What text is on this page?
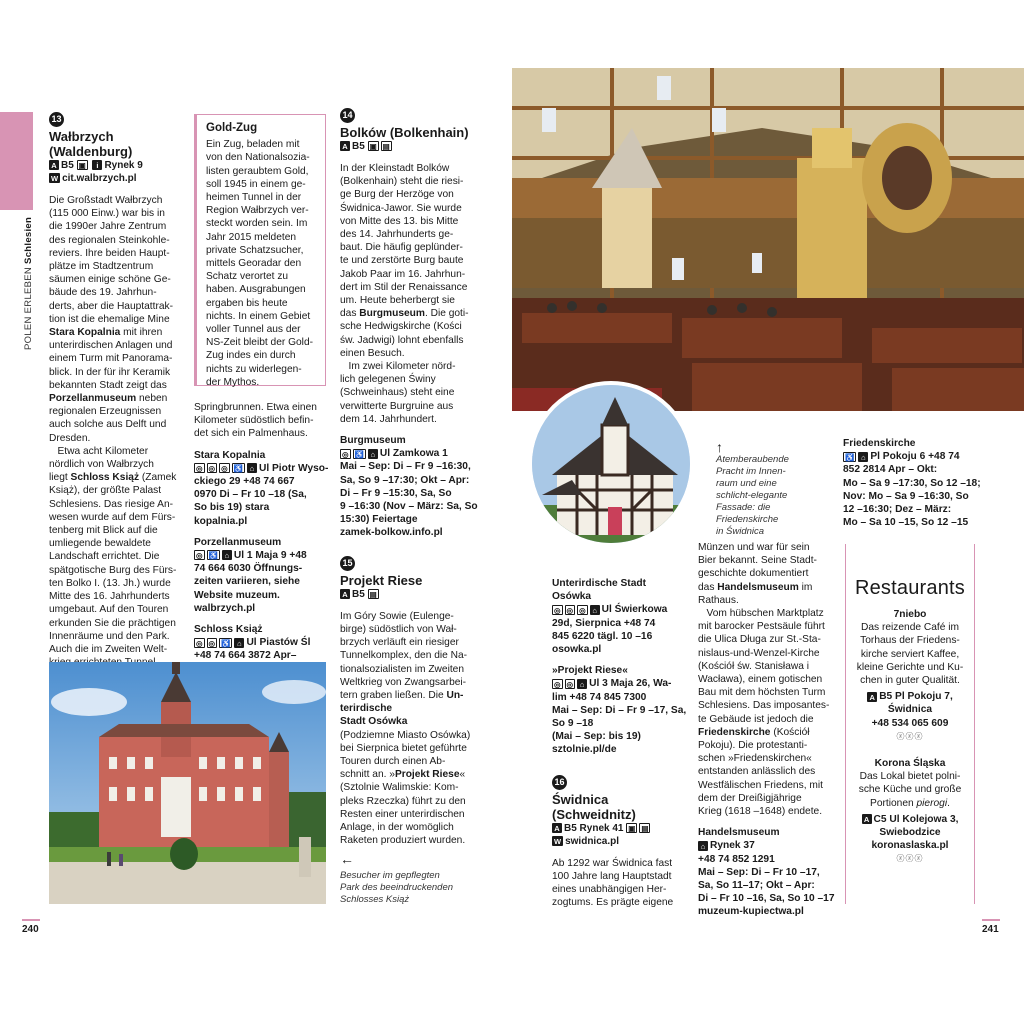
POLEN ERLEBEN Schlesien
13
Wałbrzych
(Waldenburg)
A B5 ▣ i Rynek 9
W cit.walbrzych.pl

Die Großstadt Wałbrzych
(115 000 Einw.) war bis in
die 1990er Jahre Zentrum
des regionalen Steinkohle-
reviers. Ihre beiden Haupt-
plätze im Stadtzentrum
säumen einige schöne Ge-
bäude des 19. Jahrhun-
derts, aber die Hauptattrak-
tion ist die ehemalige Mine
Stara Kopalnia mit ihren
unterirdischen Anlagen und
einem Turm mit Panorama-
blick. In der für ihr Keramik
bekannten Stadt zeigt das
Porzellanmuseum neben
regionalen Erzeugnissen
auch solche aus Delft und
Dresden.
Etwa acht Kilometer
nördlich von Wałbrzych
liegt Schloss Książ (Zamek
Książ), der größte Palast
Schlesiens. Das riesige An-
wesen wurde auf dem Fürs-
tenberg mit Blick auf die
umliegende bewaldete
Landschaft errichtet. Die
spätgotische Burg des Fürs-
ten Bolko I. (13. Jh.) wurde
Mitte des 16. Jahrhunderts
umgebaut. Auf den Touren
erkunden Sie die prächtigen
Innenräume und den Park.
Auch die im Zweiten Welt-

Gold-Zug

Ein Zug, beladen mit
von den Nationalsozia-
listen geraubtem Gold,
soll 1945 in einem ge-
heimen Tunnel in der
Region Wałbrzych ver-
steckt worden sein. Im
Jahr 2015 meldeten
private Schatzsucher,
mittels Georadar den
Schatz verortet zu
haben. Ausgrabungen
ergaben bis heute
nichts. In einem Gebiet
voller Tunnel aus der
NS-Zeit bleibt der Gold-
Zug indes ein durch
nichts zu widerlegen-
der Mythos.

Springbrunnen. Etwa einen
Kilometer südöstlich befin-
det sich ein Palmenhaus.

Stara Kopalnia

◎ ◎ ◎ ♿ ⌂ Ul Piotr Wyso-
ckiego 29 +48 74 667
0970 Di – Fr 10 –18 (Sa,
So bis 19) stara
kopalnia.pl

Porzellanmuseum

◎ ♿ ⌂ Ul 1 Maja 9 +48
74 664 6030 Öffnungs-
zeiten variieren, siehe
Website muzeum.
walbrzych.pl

Schloss Książ

◎ ◎ ♿ ⌂ Ul Piastów Śl
+48 74 664 3872 Apr–

←

Besucher im gepflegten
Park des beeindruckenden
Schlosses Książ

14
Bolków (Bolkenhain)
A B5 ▣ ▤

In der Kleinstadt Bolków
(Bolkenhain) steht die riesi-
ge Burg der Herzöge von
Świdnica-Jawor. Sie wurde
von Mitte des 13. bis Mitte
des 14. Jahrhunderts ge-
baut. Die häufig geplünder-
te und zerstörte Burg baute
Jakob Paar im 16. Jahrhun-
dert im Stil der Renaissance
um. Heute beherbergt sie
das Burgmuseum. Die goti-
sche Hedwigskirche (Kości
św. Jadwigi) lohnt ebenfalls
einen Besuch.
Im zwei Kilometer nörd-
lich gelegenen Świny
(Schweinhaus) steht eine
verwitterte Burgruine aus
dem 14. Jahrhundert.

Burgmuseum

◎ ♿ ⌂ Ul Zamkowa 1
Mai – Sep: Di – Fr 9 –16:30,
Sa, So 9 –17:30; Okt – Apr:
Di – Fr 9 –15:30, Sa, So
9 –16:30 (Nov – März: Sa, So
15:30) Feiertage
zamek-bolkow.info.pl

15
Projekt Riese
A B5 ▤

Im Góry Sowie (Eulenge-
birge) südöstlich von Wał-
brzych verläuft ein riesiger
Tunnelkomplex, den die Na-
tionalsozialisten im Zweiten
Weltkrieg von Zwangsarbei-
tern graben ließen. Die Un-terirdische
Stadt Osówka
(Podziemne Miasto Osówka)
bei Sierpnica bietet geführte
Touren durch einen Ab-
schnitt an. »Projekt Riese«
(Sztolnie Walimskie: Kom-
pleks Rzeczka) führt zu den
Resten einer unterirdischen
Anlage, in der womöglich
Raketen produziert wurden.

240
↑

Atemberaubende
Pracht im Innen-
raum und eine
schlicht-elegante
Fassade: die
Friedenskirche
in Świdnica

Unterirdische Stadt
Osówka

◎ ◎ ◎ ⌂ Ul Świerkowa
29d, Sierpnica +48 74
845 6220 tägl. 10 –16
osowka.pl

»Projekt Riese«

◎ ◎ ⌂ Ul 3 Maja 26, Wa-
lim +48 74 845 7300
Mai – Sep: Di – Fr 9 –17, Sa, So 9 –18
(Mai – Sep: bis 19)
sztolnie.pl/de

16
Świdnica
(Schweidnitz)
A B5 Rynek 41 ▣ ▤
W swidnica.pl

Ab 1292 war Świdnica fast
100 Jahre lang Hauptstadt
eines unabhängigen Her-
zogtums. Es prägte eigene

Münzen und war für sein
Bier bekannt. Seine Stadt-
geschichte dokumentiert
das Handelsmuseum im
Rathaus.
Vom hübschen Marktplatz
mit barocker Pestsäule führt
die Ulica Długa zur St.-Sta-
nislaus-und-Wenzel-Kirche
(Kościół św. Stanisława i
Wacława), einem gotischen
Bau mit dem höchsten Turm
Schlesiens. Das imposantes-
te Gebäude ist jedoch die
Friedenskirche (Kościół
Pokoju). Die protestanti-
schen »Friedenskirchen«
entstanden anlässlich des
Westfälischen Friedens, mit
dem der Dreißigjährige
Krieg (1618 –1648) endete.

Handelsmuseum

⌂ Rynek 37
+48 74 852 1291
Mai – Sep: Di – Fr 10 –17,
Sa, So 11–17; Okt – Apr:
Di – Fr 10 –16, Sa, So 10 –17
muzeum-kupiectwa.pl

Friedenskirche

♿ ⌂ Pl Pokoju 6 +48 74
852 2814 Apr – Okt:
Mo – Sa 9 –17:30, So 12 –18;
Nov: Mo – Sa 9 –16:30, So
12 –16:30; Dez – März:
Mo – Sa 10 –15, So 12 –15

Restaurants
7niebo

Das reizende Café im
Torhaus der Friedens-
kirche serviert Kaffee,
kleine Gerichte und Ku-
chen in guter Qualität.

A B5 Pl Pokoju 7,
Świdnica
+48 534 065 609

ⓩⓩⓩ

Korona Śląska

Das Lokal bietet polni-
sche Küche und große
Portionen pierogi.

A C5 Ul Kolejowa 3,
Swiebodzice
koronaslaska.pl

ⓩⓩⓩ

241
